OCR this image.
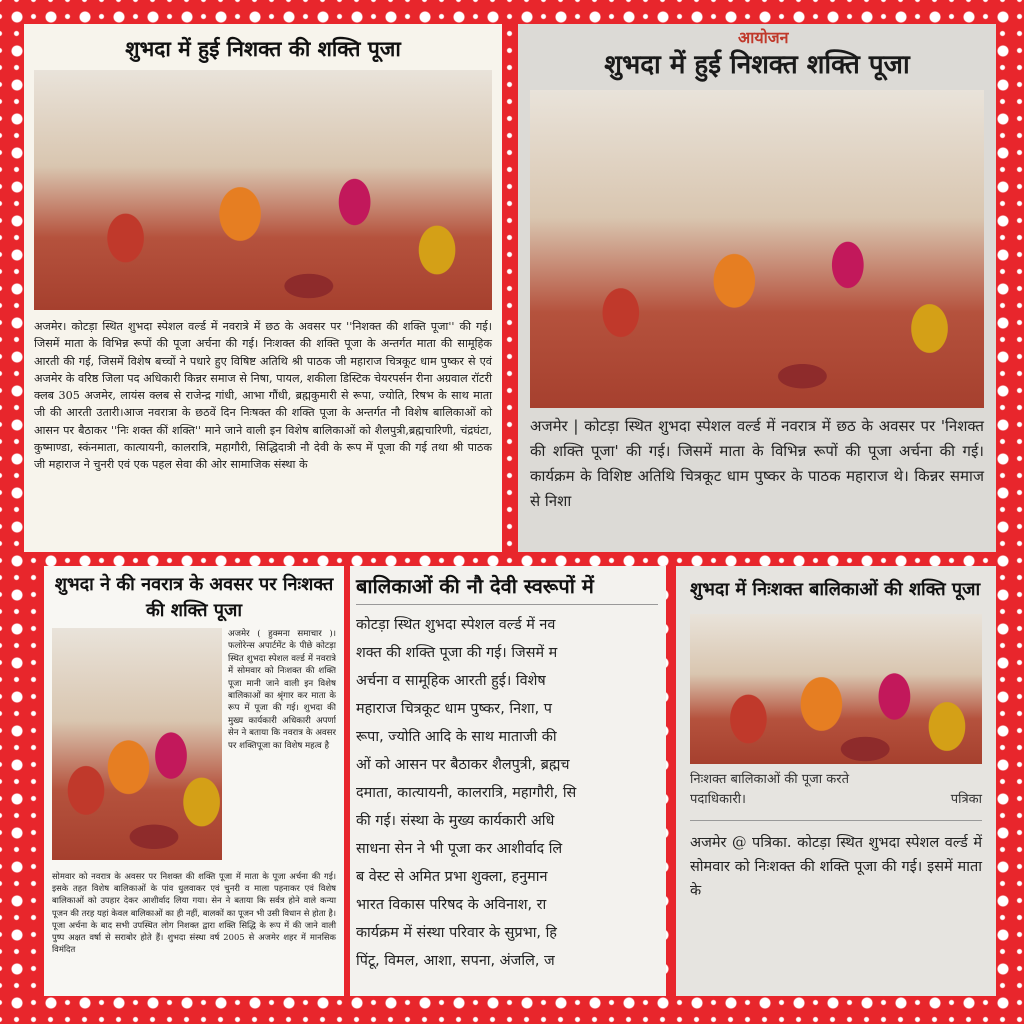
शुभदा में हुई निशक्त की शक्ति पूजा

अजमेर। कोटड़ा स्थित शुभदा स्पेशल वर्ल्ड में नवरात्रे में छठ के अवसर पर ''निशक्त की शक्ति पूजा'' की गई। जिसमें माता के विभिन्न रूपों की पूजा अर्चना की गई। निःशक्त की शक्ति पूजा के अन्तर्गत माता की सामूहिक आरती की गई, जिसमें विशेष बच्चों ने पधारे हुए विषिष्ट अतिथि श्री पाठक जी महाराज चित्रकूट धाम पुष्कर से एवं अजमेर के वरिष्ठ जिला पद अधिकारी किन्नर समाज से निषा, पायल, शकीला डिस्टिक चेयरपर्सन रीना अग्रवाल रॉटरी क्लब 305 अजमेर, लायंस क्लब से राजेन्द्र गांधी, आभा गौंधी, ब्रह्मकुमारी से रूपा, ज्योति, रिषभ के साथ माता जी की आरती उतारी।आज नवरात्रा के छठवें दिन निःषक्त की शक्ति पूजा के अन्तर्गत नौ विशेष बालिकाओं को आसन पर बैठाकर ''निः शक्त कीं शक्ति'' माने जाने वाली इन विशेष बालिकाओं को शैलपुत्री,ब्रह्मचारिणी, चंद्रघंटा, कुष्माण्डा, स्कंनमाता, कात्यायनी, कालरात्रि, महागौरी, सिद्धिदात्री नौ देवी के रूप में पूजा की गई तथा श्री पाठक जी महाराज ने चुनरी एवं एक पहल सेवा की ओर सामाजिक संस्था के

आयोजन
शुभदा में हुई निशक्त शक्ति पूजा

अजमेर | कोटड़ा स्थित शुभदा स्पेशल वर्ल्ड में नवरात्र में छठ के अवसर पर 'निशक्त की शक्ति पूजा' की गई। जिसमें माता के विभिन्न रूपों की पूजा अर्चना की गई। कार्यक्रम के विशिष्ट अतिथि चित्रकूट धाम पुष्कर के पाठक महाराज थे। किन्नर समाज से निशा

शुभदा ने की नवरात्र के अवसर पर निःशक्त की शक्ति पूजा

अजमेर ( हुक्मना समाचार )। फलोरेन्स अपार्टमेंट के पीछे कोटड़ा स्थित शुभदा स्पेशल वर्ल्ड में नवरात्रे में सोमवार को निःशक्त की शक्ति पूजा मानी जाने वाली इन विशेष बालिकाओं का श्रृंगार कर माता के रूप में पूजा की गई। शुभदा की मुख्य कार्यकारी अधिकारी अपर्णा सेन ने बताया कि नवरात्र के अवसर पर शक्तिपूजा का विशेष महत्व है

सोमवार को नवरात्र के अवसर पर निशक्त की शक्ति पूजा में माता के पूजा अर्चना की गई। इसके तहत विशेष बालिकाओं के पांव धुलवाकर एवं चुनरी व माला पहनाकर एवं विशेष बालिकाओं को उपहार देकर आशीर्वाद लिया गया। सेन ने बताया कि सर्वत्र होने वाले कन्या पूजन की तरह यहां केवल बालिकाओं का ही नहीं, बालकों का पूजन भी उसी विधान से होता है। पूजा अर्चना के बाद सभी उपस्थित लोग निशक्त द्वारा शक्ति सिद्धि के रूप में की जाने वाली पुष्प अक्षत वर्षा से सराबोर होते हैं। शुभदा संस्था वर्ष 2005 से अजमेर शहर में मानसिक विमंदित

बालिकाओं की नौ देवी स्वरूपों में
कोटड़ा स्थित शुभदा स्पेशल वर्ल्ड में नव
शक्त की शक्ति पूजा की गई। जिसमें म
अर्चना व सामूहिक आरती हुई। विशेष
महाराज चित्रकूट धाम पुष्कर, निशा, प
रूपा, ज्योति आदि के साथ माताजी की
ओं को आसन पर बैठाकर शैलपुत्री, ब्रह्मच
दमाता, कात्यायनी, कालरात्रि, महागौरी, सि
की गई। संस्था के मुख्य कार्यकारी अधि
साधना सेन ने भी पूजा कर आशीर्वाद लि
ब वेस्ट से अमित प्रभा शुक्ला, हनुमान
भारत विकास परिषद के अविनाश, रा
कार्यक्रम में संस्था परिवार के सुप्रभा, हि
पिंटू, विमल, आशा, सपना, अंजलि, ज
शुभदा में निःशक्त बालिकाओं की शक्ति पूजा
निःशक्त बालिकाओं की पूजा करते पदाधिकारी।	पत्रिका

अजमेर @ पत्रिका. कोटड़ा स्थित शुभदा स्पेशल वर्ल्ड में सोमवार को निःशक्त की शक्ति पूजा की गई। इसमें माता के
